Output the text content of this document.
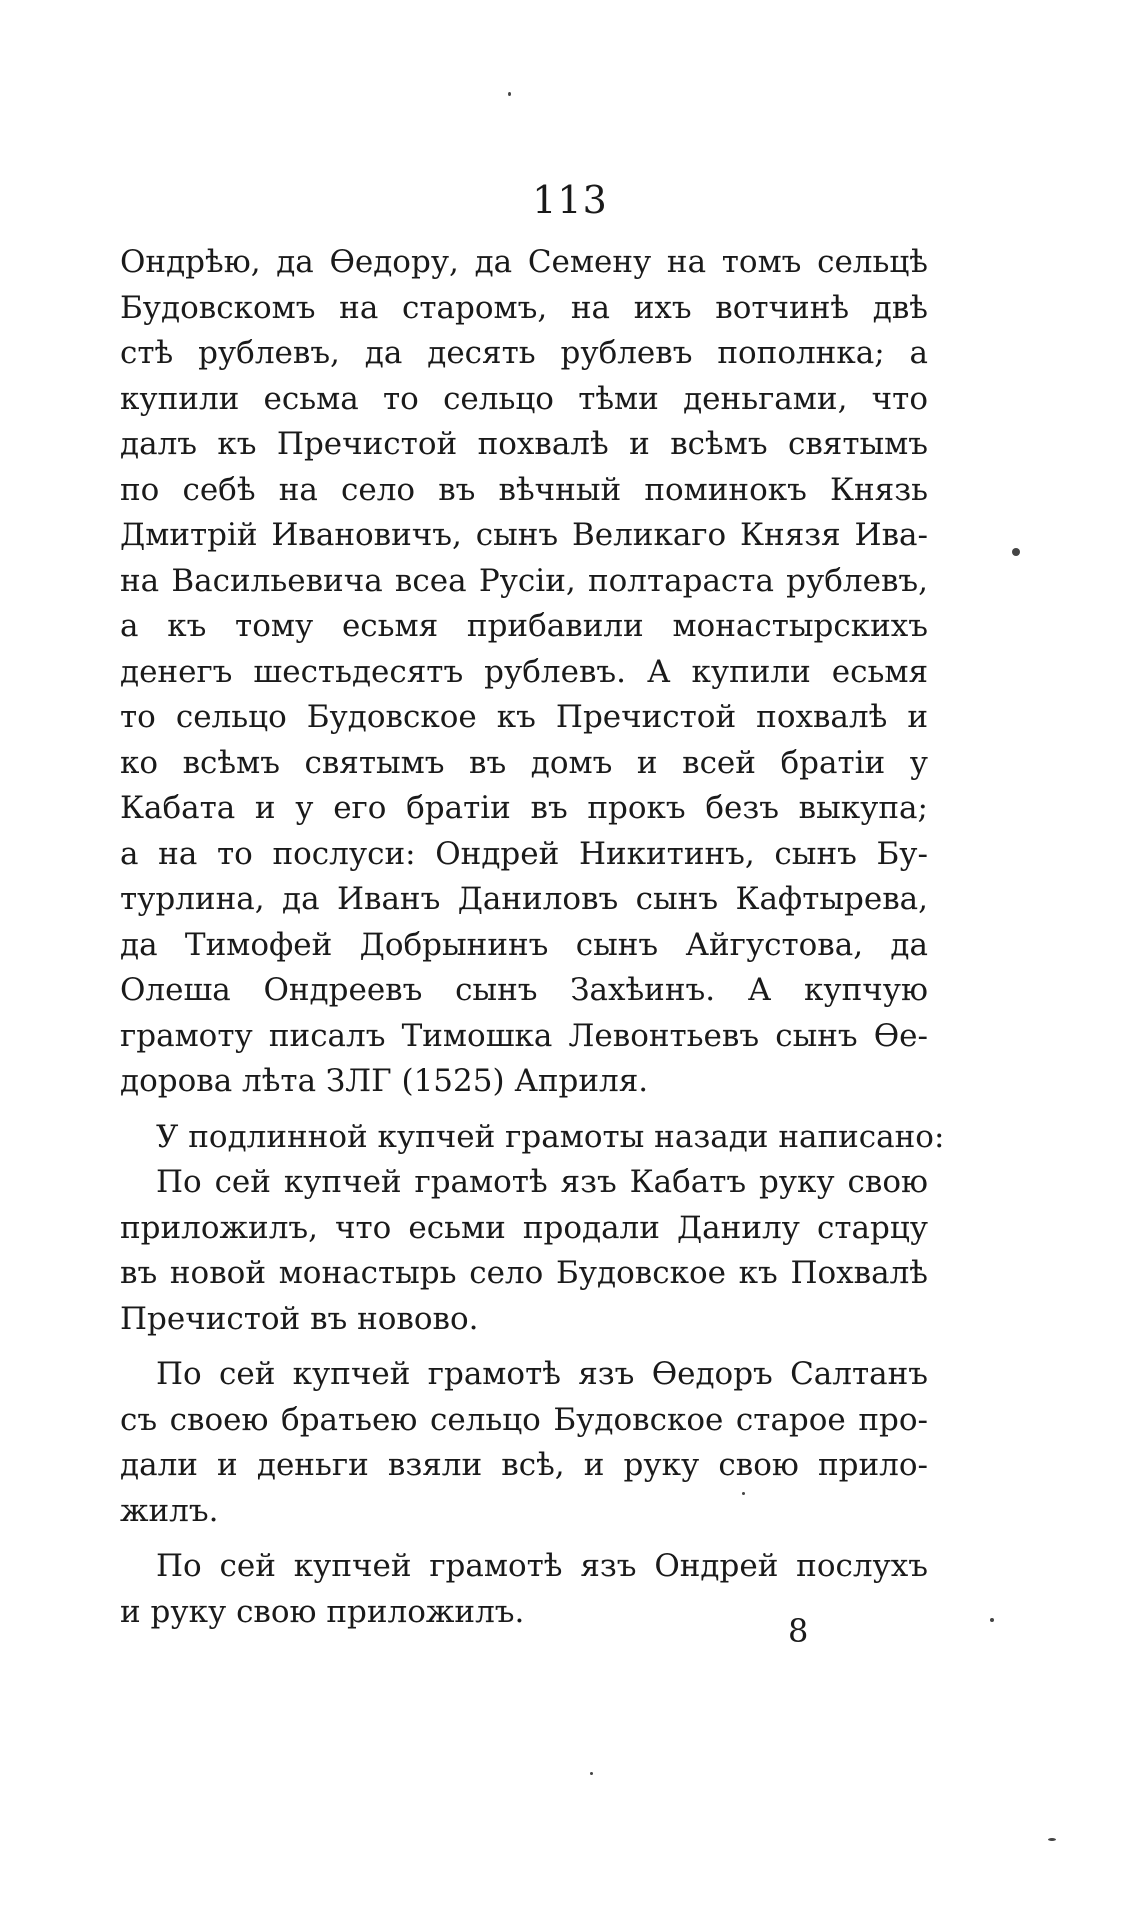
113
Ондрѣю, да Ѳедору, да Семену на томъ сельцѣ
Будовскомъ на старомъ, на ихъ вотчинѣ двѣ
стѣ рублевъ, да десять рублевъ пополнка; а
купили есьма то сельцо тѣми деньгами, что
далъ къ Пречистой похвалѣ и всѣмъ святымъ
по себѣ на село въ вѣчный поминокъ Князь
Дмитрій Ивановичъ, сынъ Великаго Князя Ива-
на Васильевича всеа Русіи, полтараста рублевъ,
а къ тому есьмя прибавили монастырскихъ
денегъ шестьдесятъ рублевъ. А купили есьмя
то сельцо Будовское къ Пречистой похвалѣ и
ко всѣмъ святымъ въ домъ и всей братіи у
Кабата и у его братіи въ прокъ безъ выкупа;
а на то послуси: Ондрей Никитинъ, сынъ Бу-
турлина, да Иванъ Даниловъ сынъ Кафтырева,
да Тимофей Добрынинъ сынъ Айгустова, да
Олеша Ондреевъ сынъ Захѣинъ. А купчую
грамоту писалъ Тимошка Левонтьевъ сынъ Ѳе-
дорова лѣта ЗЛГ (1525) Априля.
У подлинной купчей грамоты назади написано:
По сей купчей грамотѣ язъ Кабатъ руку свою
приложилъ, что есьми продали Данилу старцу
въ новой монастырь село Будовское къ Похвалѣ
Пречистой въ новово.
По сей купчей грамотѣ язъ Ѳедоръ Салтанъ
съ своею братьею сельцо Будовское старое про-
дали и деньги взяли всѣ, и руку свою прило-
жилъ.
По сей купчей грамотѣ язъ Ондрей послухъ
и руку свою приложилъ.
8
